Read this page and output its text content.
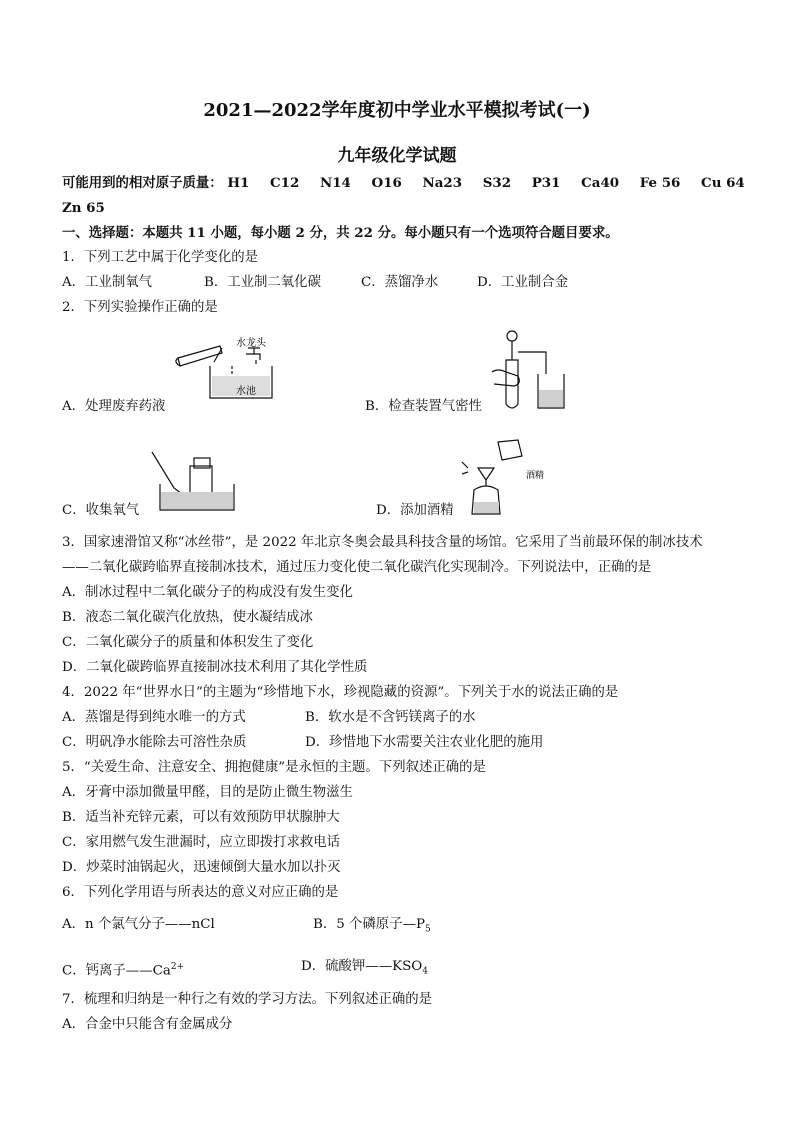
2021—2022学年度初中学业水平模拟考试(一)
九年级化学试题
可能用到的相对原子质量： H1 C12 N14 O16 Na23 S32 P31 Ca40 Fe 56 Cu 64
Zn 65
一、选择题：本题共 11 小题，每小题 2 分，共 22 分。每小题只有一个选项符合题目要求。
1．下列工艺中属于化学变化的是
A．工业制氧气	B．工业制二氧化碳	C．蒸馏净水	D．工业制合金
2．下列实验操作正确的是
水龙头
水池
A．处理废弃药液	B．检查装置气密性
酒精
C．收集氧气	D．添加酒精
3．国家速滑馆又称“冰丝带”，是 2022 年北京冬奥会最具科技含量的场馆。它采用了当前最环保的制冰技术
——二氧化碳跨临界直接制冰技术，通过压力变化使二氧化碳汽化实现制冷。下列说法中，正确的是
A．制冰过程中二氧化碳分子的构成没有发生变化
B．液态二氧化碳汽化放热，使水凝结成冰
C．二氧化碳分子的质量和体积发生了变化
D．二氧化碳跨临界直接制冰技术利用了其化学性质
4．2022 年“世界水日”的主题为“珍惜地下水，珍视隐藏的资源”。下列关于水的说法正确的是
A．蒸馏是得到纯水唯一的方式	B．软水是不含钙镁离子的水
C．明矾净水能除去可溶性杂质	D．珍惜地下水需要关注农业化肥的施用
5．“关爱生命、注意安全、拥抱健康”是永恒的主题。下列叙述正确的是
A．牙膏中添加微量甲醛，目的是防止微生物滋生
B．适当补充锌元素，可以有效预防甲状腺肿大
C．家用燃气发生泄漏时，应立即拨打求救电话
D．炒菜时油锅起火，迅速倾倒大量水加以扑灭
6．下列化学用语与所表达的意义对应正确的是
A．n 个氯气分子——nCl	B．5 个磷原子$—P_5$
C．钙离子$——Ca^{2+}$	D．硫酸钾$——KSO_4$
7．梳理和归纳是一种行之有效的学习方法。下列叙述正确的是
A．合金中只能含有金属成分
